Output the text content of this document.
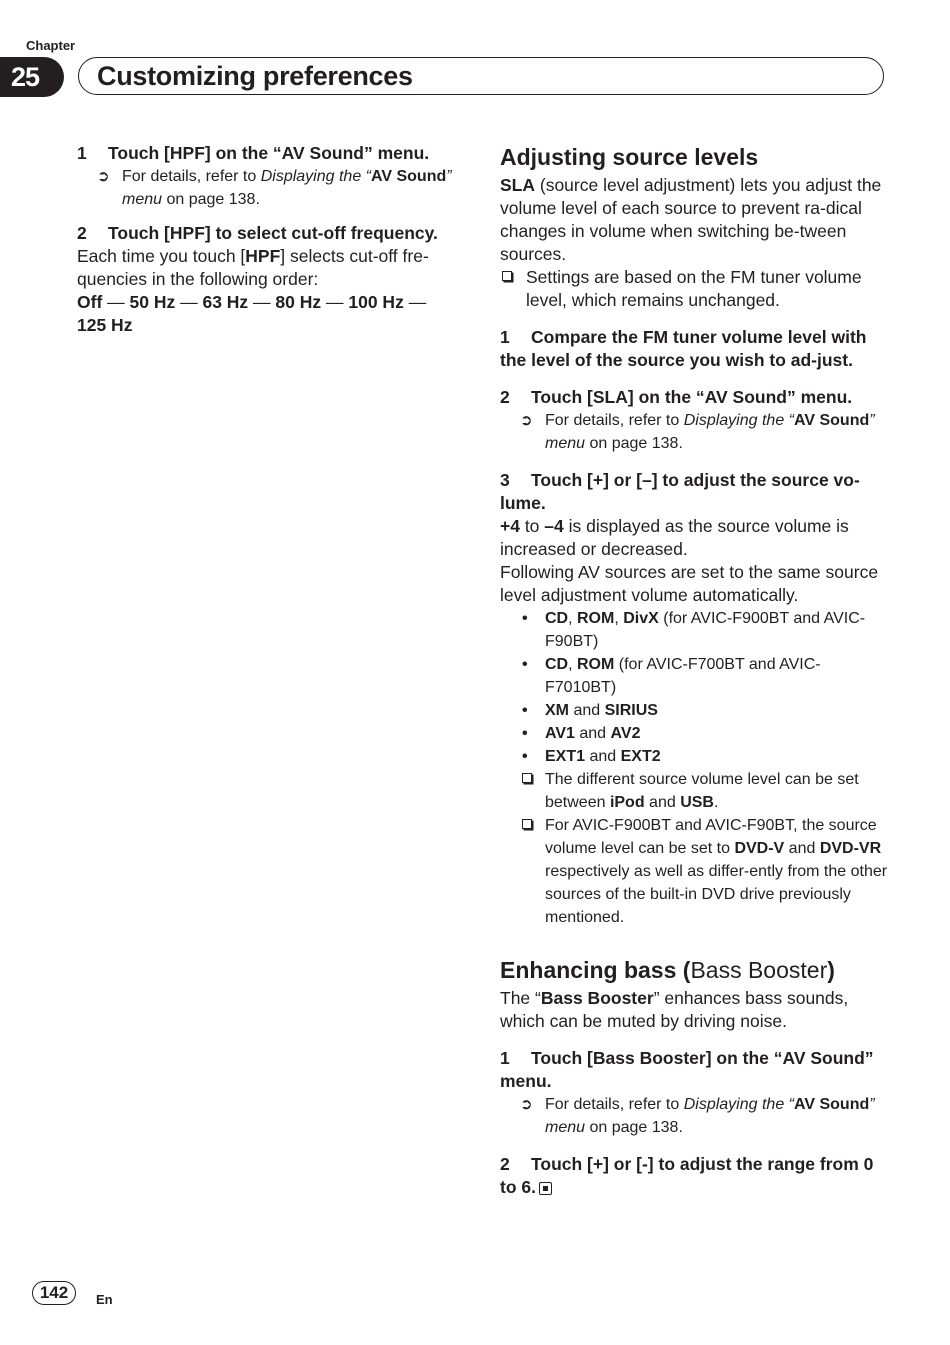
Chapter
25	Customizing preferences

1 Touch [HPF] on the “AV Sound” menu.

➲ For details, refer to Displaying the “AV Sound” menu on page 138.

2 Touch [HPF] to select cut-off frequency.

Each time you touch [HPF] selects cut-off fre-quencies in the following order:

Off — 50 Hz — 63 Hz — 80 Hz — 100 Hz —
125 Hz

Adjusting source levels

SLA (source level adjustment) lets you adjust the volume level of each source to prevent ra-dical changes in volume when switching be-tween sources.

Settings are based on the FM tuner volume level, which remains unchanged.

1 Compare the FM tuner volume level with the level of the source you wish to ad-just.

2 Touch [SLA] on the “AV Sound” menu.

➲ For details, refer to Displaying the “AV Sound” menu on page 138.

3 Touch [+] or [–] to adjust the source vo-lume.

+4 to –4 is displayed as the source volume is increased or decreased.

Following AV sources are set to the same source level adjustment volume automatically.

• CD, ROM, DivX (for AVIC-F900BT and AVIC-F90BT)

• CD, ROM (for AVIC-F700BT and AVIC-F7010BT)

• XM and SIRIUS

• AV1 and AV2

• EXT1 and EXT2

The different source volume level can be set between iPod and USB.

For AVIC-F900BT and AVIC-F90BT, the source volume level can be set to DVD-V and DVD-VR respectively as well as differ-ently from the other sources of the built-in DVD drive previously mentioned.

Enhancing bass (Bass Booster)

The “Bass Booster” enhances bass sounds, which can be muted by driving noise.

1 Touch [Bass Booster] on the “AV Sound” menu.

➲ For details, refer to Displaying the “AV Sound” menu on page 138.

2 Touch [+] or [-] to adjust the range from 0 to 6.

142	En
